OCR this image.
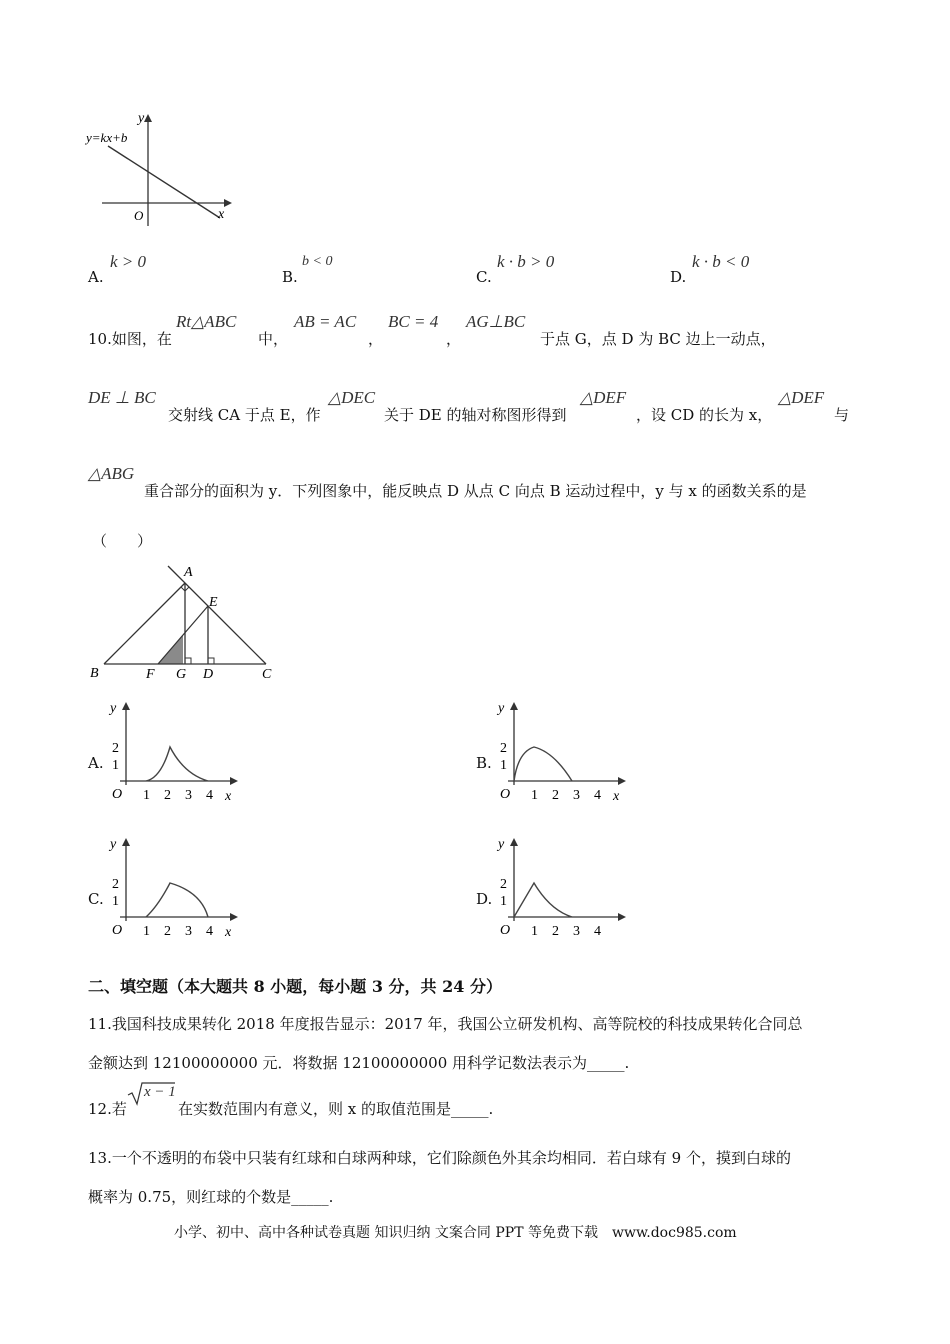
O	x
y
y=kx+b
A.
k > 0
B.
b < 0
C.
k · b > 0
D.
k · b < 0
10.如图，在
Rt△ABC
中，
AB = AC
，
BC = 4
，
AG⊥BC
于点 G，点 D 为 BC 边上一动点，
DE ⊥ BC
交射线 CA 于点 E，作
△DEC
关于 DE 的轴对称图形得到
△DEF
，设 CD 的长为 x，
△DEF
与
△ABG
重合部分的面积为 y．下列图象中，能反映点 D 从点 C 向点 B 运动过程中，y 与 x 的函数关系的是
（　　）
A
E
B	F G D	C
A.	B.
C.	D.
y
O	x
2
1
1 2 3 4
y
O	x
2
1
1 2 3 4
y
O	x
2
1
1 2 3 4
y
O
2
1
1 2 3 4
二、填空题（本大题共 8 小题，每小题 3 分，共 24 分）
11.我国科技成果转化 2018 年度报告显示：2017 年，我国公立研发机构、高等院校的科技成果转化合同总
金额达到 12100000000 元．将数据 12100000000 用科学记数法表示为_____.
12.若
x − 1
在实数范围内有意义，则 x 的取值范围是_____.
13.一个不透明的布袋中只装有红球和白球两种球，它们除颜色外其余均相同．若白球有 9 个，摸到白球的
概率为 0.75，则红球的个数是_____.
小学、初中、高中各种试卷真题 知识归纳 文案合同 PPT 等免费下载　www.doc985.com
